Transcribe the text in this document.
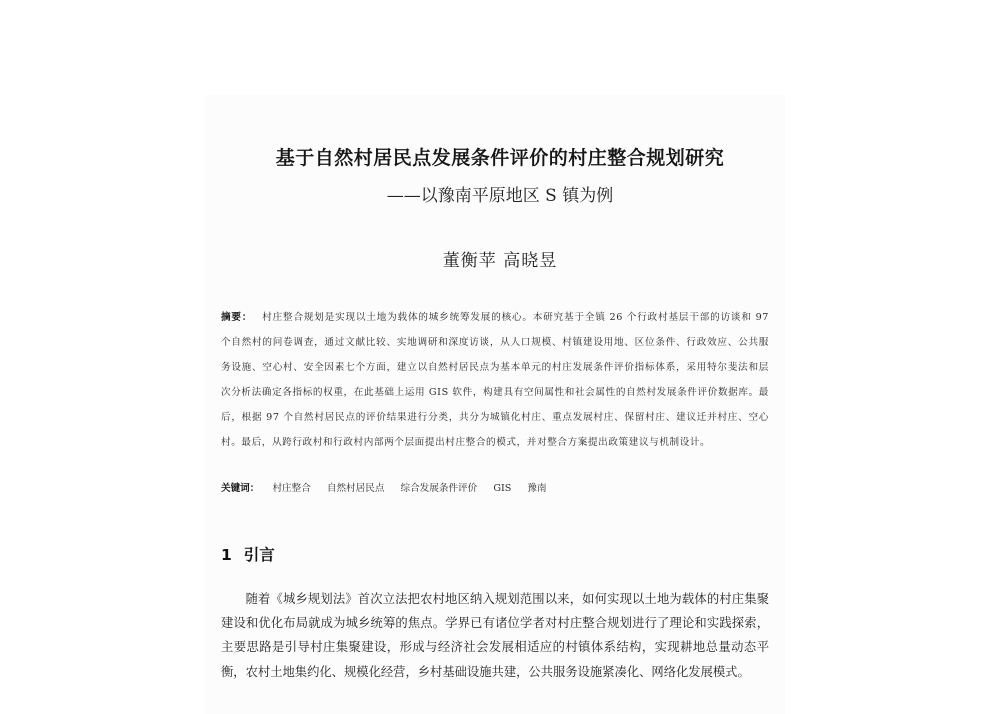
基于自然村居民点发展条件评价的村庄整合规划研究
——以豫南平原地区 S 镇为例
董衡苹 高晓昱
摘要： 村庄整合规划是实现以土地为载体的城乡统筹发展的核心。本研究基于全镇 26 个行政村基层干部的访谈和 97 个自然村的问卷调查，通过文献比较、实地调研和深度访谈，从人口规模、村镇建设用地、区位条件、行政效应、公共服务设施、空心村、安全因素七个方面，建立以自然村居民点为基本单元的村庄发展条件评价指标体系，采用特尔斐法和层次分析法确定各指标的权重，在此基础上运用 GIS 软件，构建具有空间属性和社会属性的自然村发展条件评价数据库。最后，根据 97 个自然村居民点的评价结果进行分类，共分为城镇化村庄、重点发展村庄、保留村庄、建议迁并村庄、空心村。最后，从跨行政村和行政村内部两个层面提出村庄整合的模式，并对整合方案提出政策建议与机制设计。
关键词： 村庄整合 自然村居民点 综合发展条件评价 GIS 豫南
1 引言

随着《城乡规划法》首次立法把农村地区纳入规划范围以来，如何实现以土地为载体的村庄集聚建设和优化布局就成为城乡统筹的焦点。学界已有诸位学者对村庄整合规划进行了理论和实践探索，主要思路是引导村庄集聚建设，形成与经济社会发展相适应的村镇体系结构，实现耕地总量动态平衡，农村土地集约化、规模化经营，乡村基础设施共建，公共服务设施紧凑化、网络化发展模式。
